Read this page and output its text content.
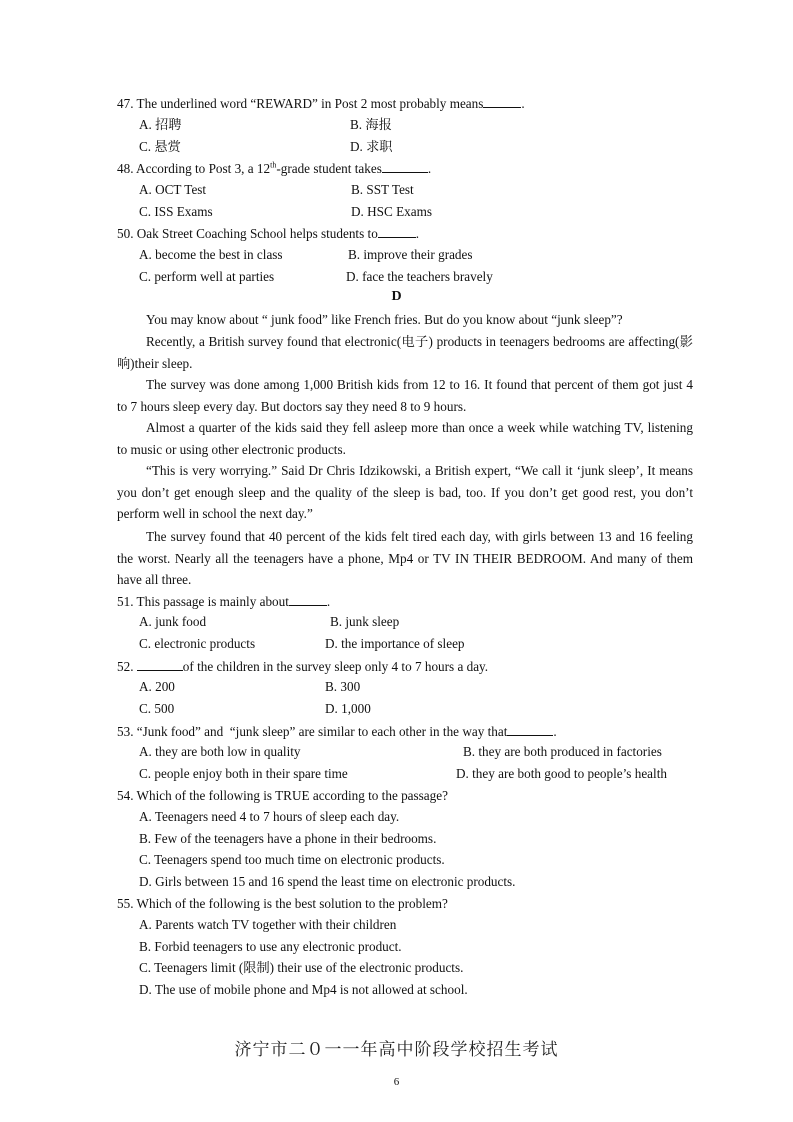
47. The underlined word “REWARD” in Post 2 most probably means	.
A. 招聘	B. 海报
C. 悬赏	D. 求职
48. According to Post 3, a 12th-grade student takes	.
A. OCT Test	B. SST Test
C. ISS Exams	D. HSC Exams
50. Oak Street Coaching School helps students to	.
A. become the best in class	B. improve their grades
C. perform well at parties	D. face the teachers bravely
D
You may know about “ junk food” like French fries. But do you know about “junk sleep”?
Recently, a British survey found that electronic(电子) products in teenagers bedrooms are affecting(影响)their sleep.
The survey was done among 1,000 British kids from 12 to 16. It found that percent of them got just 4 to 7 hours sleep every day. But doctors say they need 8 to 9 hours.
Almost a quarter of the kids said they fell asleep more than once a week while watching TV, listening to music or using other electronic products.
“This is very worrying.” Said Dr Chris Idzikowski, a British expert, “We call it ‘junk sleep’, It means you don’t get enough sleep and the quality of the sleep is bad, too. If you don’t get good rest, you don’t perform well in school the next day.”
The survey found that 40 percent of the kids felt tired each day, with girls between 13 and 16 feeling the worst. Nearly all the teenagers have a phone, Mp4 or TV IN THEIR BEDROOM. And many of them have all three.
51. This passage is mainly about	.
A. junk food	B. junk sleep
C. electronic products	D. the importance of sleep
52.	of the children in the survey sleep only 4 to 7 hours a day.
A. 200	B. 300
C. 500	D. 1,000
53. “Junk food” and  “junk sleep” are similar to each other in the way that	.
A. they are both low in quality	B. they are both produced in factories
C. people enjoy both in their spare time	D. they are both good to people’s health
54. Which of the following is TRUE according to the passage?
A. Teenagers need 4 to 7 hours of sleep each day.
B. Few of the teenagers have a phone in their bedrooms.
C. Teenagers spend too much time on electronic products.
D. Girls between 15 and 16 spend the least time on electronic products.
55. Which of the following is the best solution to the problem?
A. Parents watch TV together with their children
B. Forbid teenagers to use any electronic product.
C. Teenagers limit (限制) their use of the electronic products.
D. The use of mobile phone and Mp4 is not allowed at school.
济宁市二０一一年高中阶段学校招生考试
6
